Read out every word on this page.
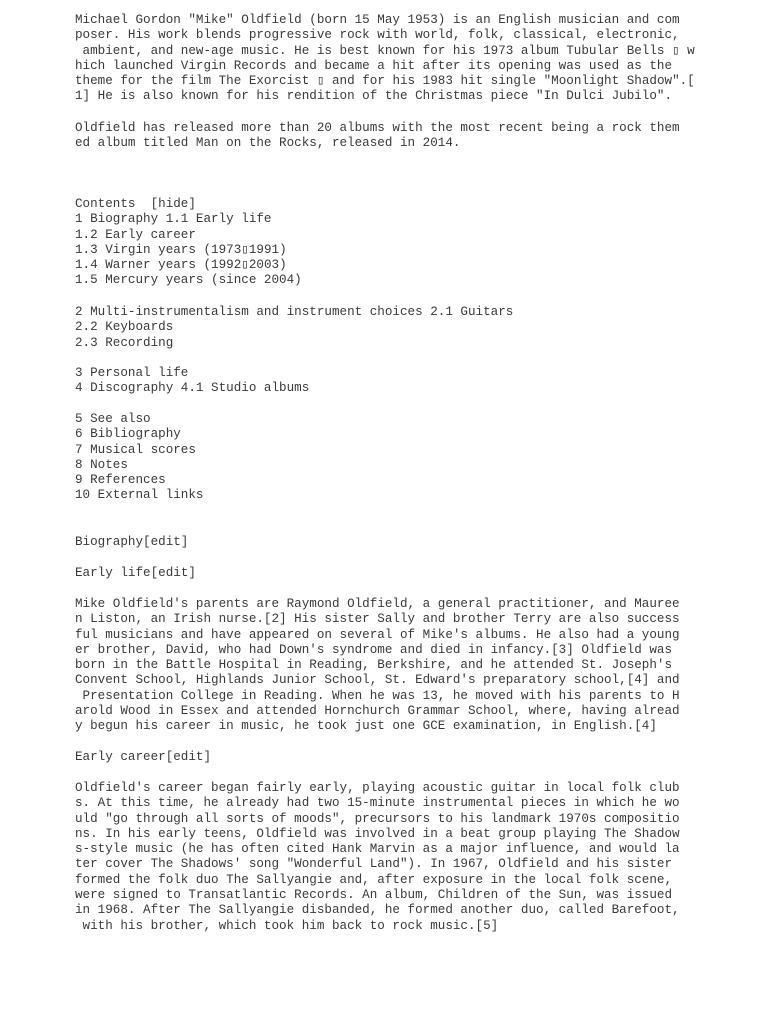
Michael Gordon "Mike" Oldfield (born 15 May 1953) is an English musician and com
poser. His work blends progressive rock with world, folk, classical, electronic,
ambient, and new-age music. He is best known for his 1973 album Tubular Bells ▯ w
hich launched Virgin Records and became a hit after its opening was used as the
theme for the film The Exorcist ▯ and for his 1983 hit single "Moonlight Shadow".[
1] He is also known for his rendition of the Christmas piece "In Dulci Jubilo".
Oldfield has released more than 20 albums with the most recent being a rock them
ed album titled Man on the Rocks, released in 2014.
Contents  [hide]
1 Biography 1.1 Early life
1.2 Early career
1.3 Virgin years (1973▯1991)
1.4 Warner years (1992▯2003)
1.5 Mercury years (since 2004)
2 Multi-instrumentalism and instrument choices 2.1 Guitars
2.2 Keyboards
2.3 Recording
3 Personal life
4 Discography 4.1 Studio albums
5 See also
6 Bibliography
7 Musical scores
8 Notes
9 References
10 External links
Biography[edit]
Early life[edit]
Mike Oldfield's parents are Raymond Oldfield, a general practitioner, and Mauree
n Liston, an Irish nurse.[2] His sister Sally and brother Terry are also success
ful musicians and have appeared on several of Mike's albums. He also had a young
er brother, David, who had Down's syndrome and died in infancy.[3] Oldfield was
born in the Battle Hospital in Reading, Berkshire, and he attended St. Joseph's
Convent School, Highlands Junior School, St. Edward's preparatory school,[4] and
Presentation College in Reading. When he was 13, he moved with his parents to H
arold Wood in Essex and attended Hornchurch Grammar School, where, having alread
y begun his career in music, he took just one GCE examination, in English.[4]
Early career[edit]
Oldfield's career began fairly early, playing acoustic guitar in local folk club
s. At this time, he already had two 15-minute instrumental pieces in which he wo
uld "go through all sorts of moods", precursors to his landmark 1970s compositio
ns. In his early teens, Oldfield was involved in a beat group playing The Shadow
s-style music (he has often cited Hank Marvin as a major influence, and would la
ter cover The Shadows' song "Wonderful Land"). In 1967, Oldfield and his sister
formed the folk duo The Sallyangie and, after exposure in the local folk scene,
were signed to Transatlantic Records. An album, Children of the Sun, was issued
in 1968. After The Sallyangie disbanded, he formed another duo, called Barefoot,
with his brother, which took him back to rock music.[5]
